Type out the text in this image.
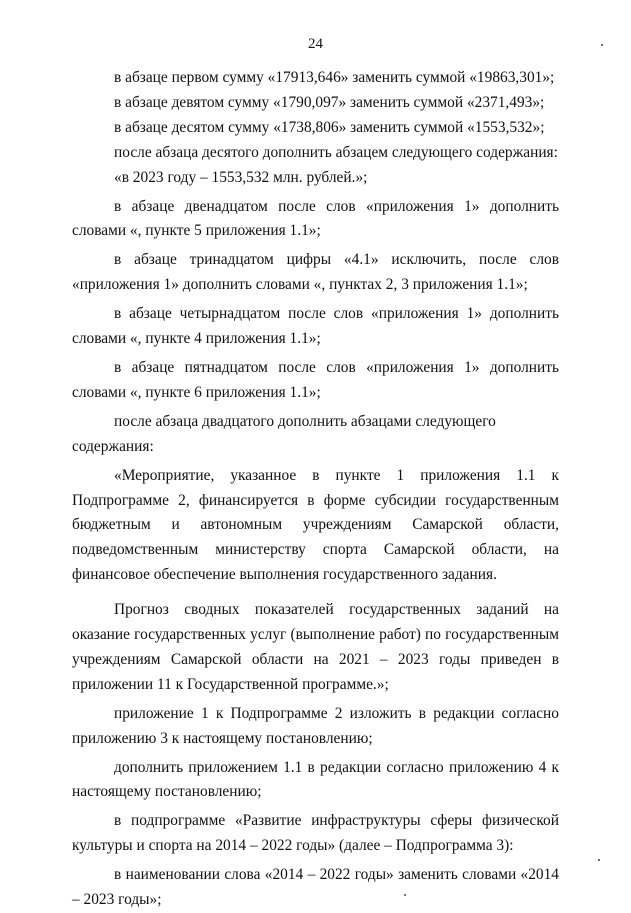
24

в абзаце первом сумму «17913,646» заменить суммой «19863,301»;

в абзаце девятом сумму «1790,097» заменить суммой «2371,493»;

в абзаце десятом сумму «1738,806» заменить суммой «1553,532»;

после абзаца десятого дополнить абзацем следующего содержания:

«в 2023 году – 1553,532 млн. рублей.»;

в абзаце двенадцатом после слов «приложения 1» дополнить словами «, пункте 5 приложения 1.1»;

в абзаце тринадцатом цифры «4.1» исключить, после слов «приложения 1» дополнить словами «, пунктах 2, 3 приложения 1.1»;

в абзаце четырнадцатом после слов «приложения 1» дополнить словами «, пункте 4 приложения 1.1»;

в абзаце пятнадцатом после слов «приложения 1» дополнить словами «, пункте 6 приложения 1.1»;

после абзаца двадцатого дополнить абзацами следующего содержания:

«Мероприятие, указанное в пункте 1 приложения 1.1 к Подпрограмме 2, финансируется в форме субсидии государственным бюджетным и автономным учреждениям Самарской области, подведомственным министерству спорта Самарской области, на финансовое обеспечение выполнения государственного задания.

Прогноз сводных показателей государственных заданий на оказание государственных услуг (выполнение работ) по государственным учреждениям Самарской области на 2021 – 2023 годы приведен в приложении 11 к Государственной программе.»;

приложение 1 к Подпрограмме 2 изложить в редакции согласно приложению 3 к настоящему постановлению;

дополнить приложением 1.1 в редакции согласно приложению 4 к настоящему постановлению;

в подпрограмме «Развитие инфраструктуры сферы физической культуры и спорта на 2014 – 2022 годы» (далее – Подпрограмма 3):

в наименовании слова «2014 – 2022 годы» заменить словами «2014 – 2023 годы»;
